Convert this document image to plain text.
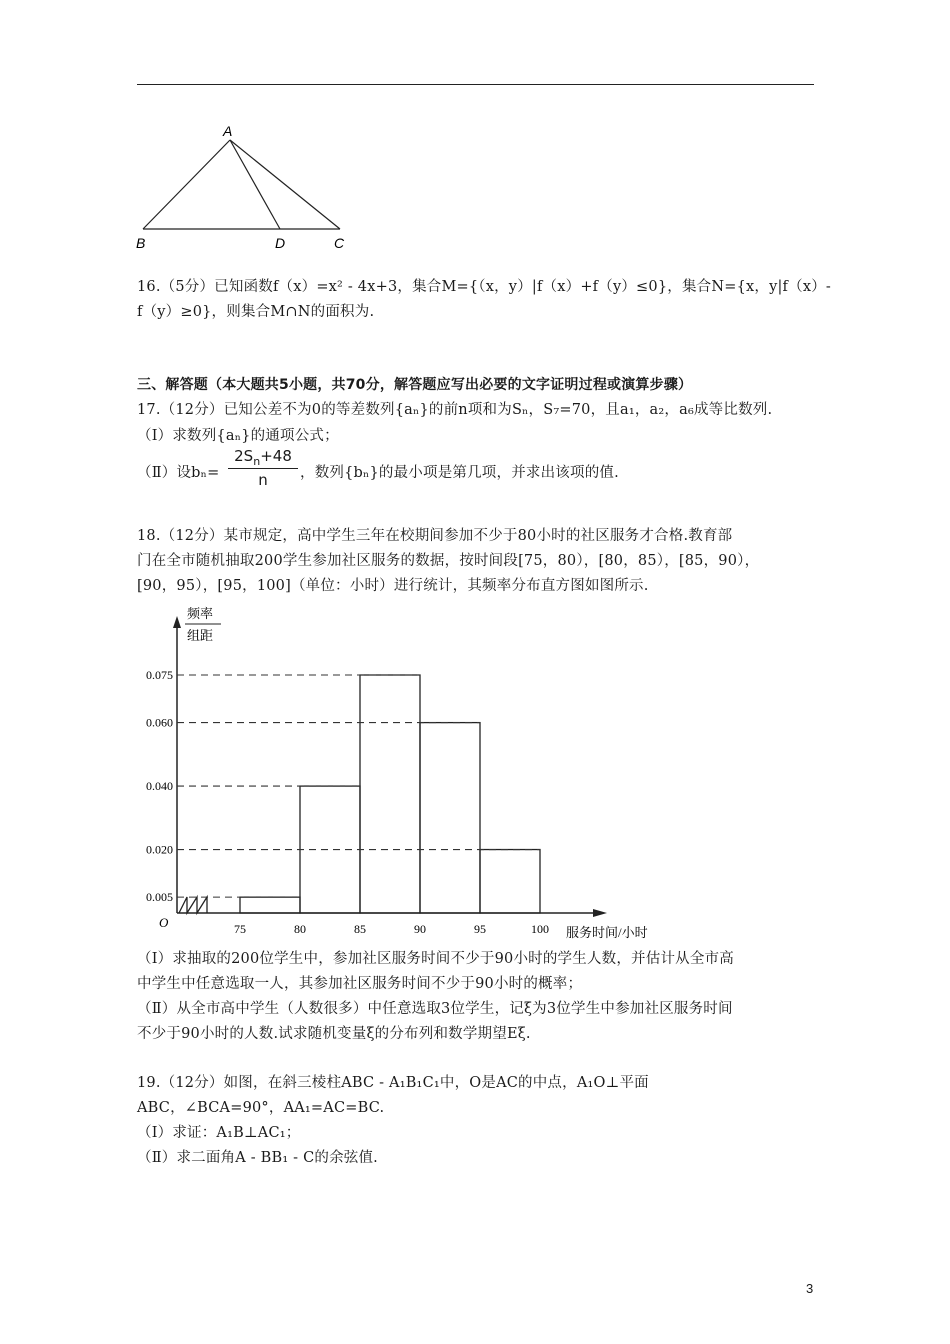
A
B	D	C
16.（5分）已知函数f（x）=x² - 4x+3，集合M={（x，y）|f（x）+f（y）≤0}，集合N={x，y|f（x）-
f（y）≥0}，则集合M∩N的面积为.
三、解答题（本大题共5小题，共70分，解答题应写出必要的文字证明过程或演算步骤）
17.（12分）已知公差不为0的等差数列{aₙ}的前n项和为Sₙ，S₇=70，且a₁，a₂，a₆成等比数列.
（Ⅰ）求数列{aₙ}的通项公式；
（Ⅱ）设$b_n= \frac{2S_n+48}{n}$ ，数列{bₙ}的最小项是第几项，并求出该项的值.
18.（12分）某市规定，高中学生三年在校期间参加不少于80小时的社区服务才合格.教育部
门在全市随机抽取200学生参加社区服务的数据，按时间段[75，80），[80，85），[85，90），
[90，95），[95，100]（单位：小时）进行统计，其频率分布直方图如图所示.
频率
组距
O
0.005
0.020
0.040
0.060
0.075
75	80	85	90	95	100 服务时间/小时
（Ⅰ）求抽取的200位学生中，参加社区服务时间不少于90小时的学生人数，并估计从全市高
中学生中任意选取一人，其参加社区服务时间不少于90小时的概率；
（Ⅱ）从全市高中学生（人数很多）中任意选取3位学生，记ξ为3位学生中参加社区服务时间
不少于90小时的人数.试求随机变量ξ的分布列和数学期望Eξ.
19.（12分）如图，在斜三棱柱ABC - A₁B₁C₁中，O是AC的中点，A₁O⊥平面
ABC，∠BCA=90°，AA₁=AC=BC.
（Ⅰ）求证：A₁B⊥AC₁；
（Ⅱ）求二面角A - BB₁ - C的余弦值.
3
